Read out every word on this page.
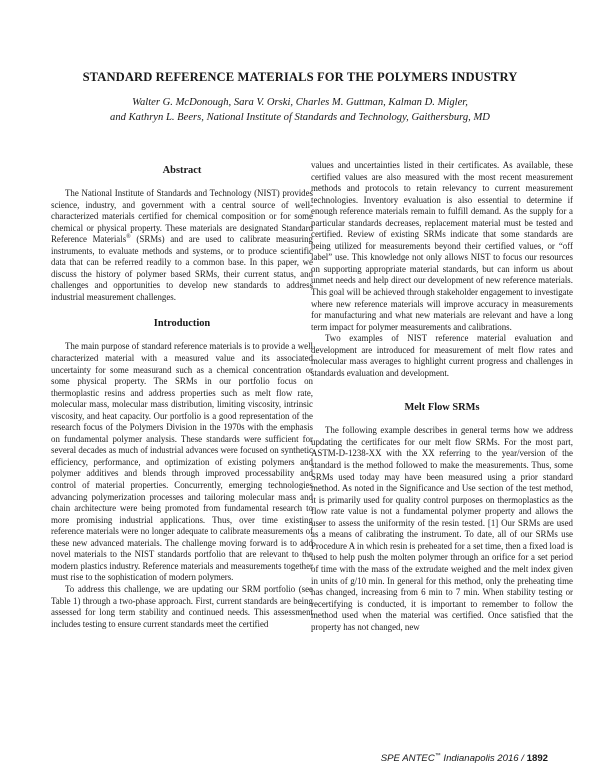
STANDARD REFERENCE MATERIALS FOR THE POLYMERS INDUSTRY
Walter G. McDonough, Sara V. Orski, Charles M. Guttman, Kalman D. Migler,
and Kathryn L. Beers, National Institute of Standards and Technology, Gaithersburg, MD
Abstract

The National Institute of Standards and Technology (NIST) provides science, industry, and government with a central source of well-characterized materials certified for chemical composition or for some chemical or physical property. These materials are designated Standard Reference Materials® (SRMs) and are used to calibrate measuring instruments, to evaluate methods and systems, or to produce scientific data that can be referred readily to a common base. In this paper, we discuss the history of polymer based SRMs, their current status, and challenges and opportunities to develop new standards to address industrial measurement challenges.

Introduction

The main purpose of standard reference materials is to provide a well characterized material with a measured value and its associated uncertainty for some measurand such as a chemical concentration or some physical property. The SRMs in our portfolio focus on thermoplastic resins and address properties such as melt flow rate, molecular mass, molecular mass distribution, limiting viscosity, intrinsic viscosity, and heat capacity. Our portfolio is a good representation of the research focus of the Polymers Division in the 1970s with the emphasis on fundamental polymer analysis. These standards were sufficient for several decades as much of industrial advances were focused on synthetic efficiency, performance, and optimization of existing polymers and polymer additives and blends through improved processability and control of material properties. Concurrently, emerging technologies advancing polymerization processes and tailoring molecular mass and chain architecture were being promoted from fundamental research to more promising industrial applications. Thus, over time existing reference materials were no longer adequate to calibrate measurements of these new advanced materials. The challenge moving forward is to add novel materials to the NIST standards portfolio that are relevant to the modern plastics industry. Reference materials and measurements together must rise to the sophistication of modern polymers.

To address this challenge, we are updating our SRM portfolio (see Table 1) through a two-phase approach. First, current standards are being assessed for long term stability and continued needs. This assessment includes testing to ensure current standards meet the certified

values and uncertainties listed in their certificates. As available, these certified values are also measured with the most recent measurement methods and protocols to retain relevancy to current measurement technologies. Inventory evaluation is also essential to determine if enough reference materials remain to fulfill demand. As the supply for a particular standards decreases, replacement material must be tested and certified. Review of existing SRMs indicate that some standards are being utilized for measurements beyond their certified values, or “off label” use. This knowledge not only allows NIST to focus our resources on supporting appropriate material standards, but can inform us about unmet needs and help direct our development of new reference materials. This goal will be achieved through stakeholder engagement to investigate where new reference materials will improve accuracy in measurements for manufacturing and what new materials are relevant and have a long term impact for polymer measurements and calibrations.

Two examples of NIST reference material evaluation and development are introduced for measurement of melt flow rates and molecular mass averages to highlight current progress and challenges in standards evaluation and development.

Melt Flow SRMs

The following example describes in general terms how we address updating the certificates for our melt flow SRMs. For the most part, ASTM-D-1238-XX with the XX referring to the year/version of the standard is the method followed to make the measurements. Thus, some SRMs used today may have been measured using a prior standard method. As noted in the Significance and Use section of the test method, it is primarily used for quality control purposes on thermoplastics as the flow rate value is not a fundamental polymer property and allows the user to assess the uniformity of the resin tested. [1] Our SRMs are used as a means of calibrating the instrument. To date, all of our SRMs use Procedure A in which resin is preheated for a set time, then a fixed load is used to help push the molten polymer through an orifice for a set period of time with the mass of the extrudate weighed and the melt index given in units of g/10 min. In general for this method, only the preheating time has changed, increasing from 6 min to 7 min. When stability testing or recertifying is conducted, it is important to remember to follow the method used when the material was certified. Once satisfied that the property has not changed, new

SPE ANTEC™ Indianapolis 2016 / 1892
